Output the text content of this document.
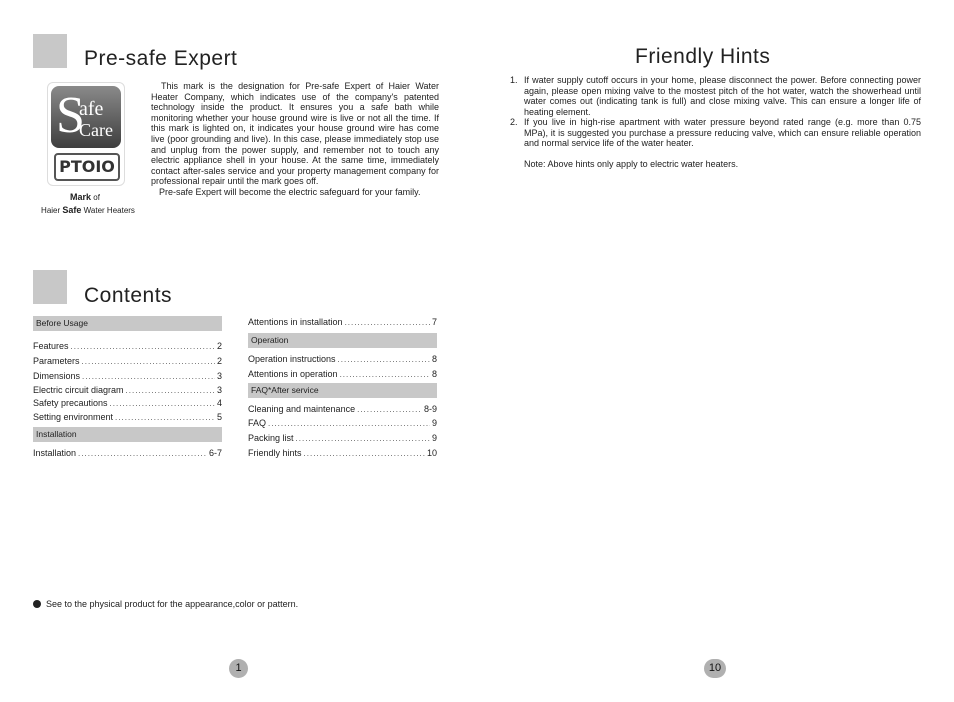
Pre-safe Expert
S
afe
Care
PTOIO
Mark of
Haier Safe Water Heaters
This mark is the designation for Pre-safe Expert of Haier Water Heater Company, which indicates use of the company's patented technology inside the product. It ensures you a safe bath while monitoring whether your house ground wire is live or not all the time. If this mark is lighted on, it indicates your house ground wire has come live (poor grounding and live). In this case, please immediately stop use and unplug from the power supply, and remember not to touch any electric appliance shell in your house. At the same time, immediately contact after-sales service and your property management company for professional repair until the mark goes off.
Pre-safe Expert will become the electric safeguard for your family.
Contents
Before Usage
Features .....	2
Parameters .....	2
Dimensions .....	3
Electric circuit diagram .....	3
Safety precautions .....	4
Setting environment .....	5
Installation
Installation .....	6-7
Attentions in installation .....	7
Operation
Operation instructions .....	8
Attentions in operation .....	8
FAQ*After service
Cleaning and maintenance .....	8-9
FAQ .....	9
Packing list .....	9
Friendly hints .....	10
See to the physical product for the appearance,color or pattern.
1
Friendly Hints
1. If water supply cutoff occurs in your home, please disconnect the power. Before connecting power again, please open mixing valve to the mostest pitch of the hot water, watch the showerhead until water comes out (indicating tank is full) and close mixing valve. This can ensure a longer life of heating element.
2. If you live in high-rise apartment with water pressure beyond rated range (e.g. more than 0.75 MPa), it is suggested you purchase a pressure reducing valve, which can ensure reliable operation and normal service life of the water heater.
Note: Above hints only apply to electric water heaters.
10
